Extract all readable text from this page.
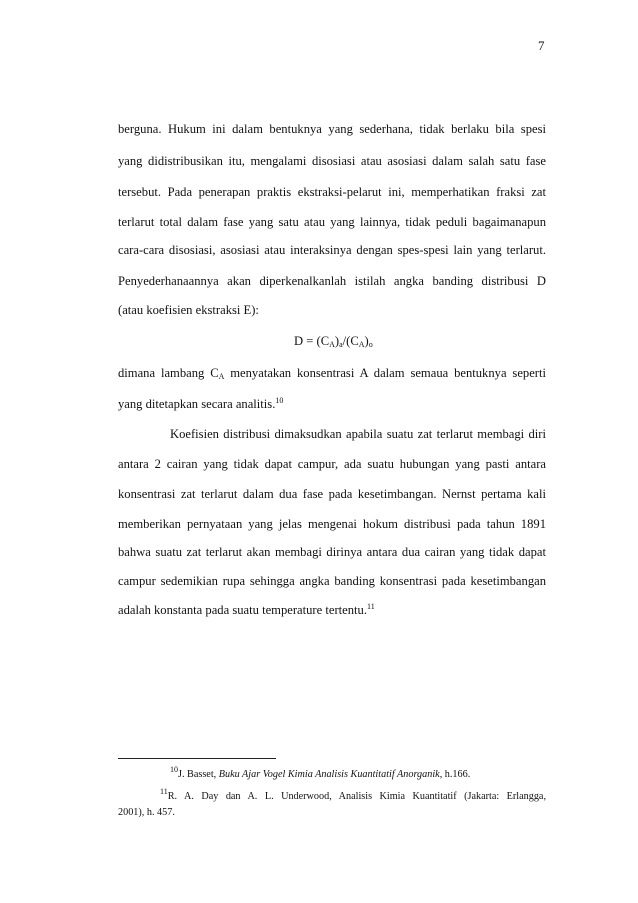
7
berguna. Hukum ini dalam bentuknya yang sederhana, tidak berlaku bila spesi
yang didistribusikan itu, mengalami disosiasi atau asosiasi dalam salah satu fase
tersebut. Pada penerapan praktis ekstraksi-pelarut ini, memperhatikan fraksi zat
terlarut total dalam fase yang satu atau yang lainnya, tidak peduli bagaimanapun
cara-cara disosiasi, asosiasi atau interaksinya dengan spes-spesi lain yang terlarut.
Penyederhanaannya akan diperkenalkanlah istilah angka banding distribusi D
(atau koefisien ekstraksi E):
$D = (C_A)_a/(C_A)_o$
dimana lambang $C_A$ menyatakan konsentrasi A dalam semaua bentuknya seperti
yang ditetapkan secara analitis.$^{10}$
Koefisien distribusi dimaksudkan apabila suatu zat terlarut membagi diri
antara 2 cairan yang tidak dapat campur, ada suatu hubungan yang pasti antara
konsentrasi zat terlarut dalam dua fase pada kesetimbangan. Nernst pertama kali
memberikan pernyataan yang jelas mengenai hokum distribusi pada tahun 1891
bahwa suatu zat terlarut akan membagi dirinya antara dua cairan yang tidak dapat
campur sedemikian rupa sehingga angka banding konsentrasi pada kesetimbangan
adalah konstanta pada suatu temperature tertentu.$^{11}$
$^{10}$J. Basset, Buku Ajar Vogel Kimia Analisis Kuantitatif Anorganik, h.166.
$^{11}$R. A. Day dan A. L. Underwood, Analisis Kimia Kuantitatif (Jakarta: Erlangga,
2001), h. 457.
